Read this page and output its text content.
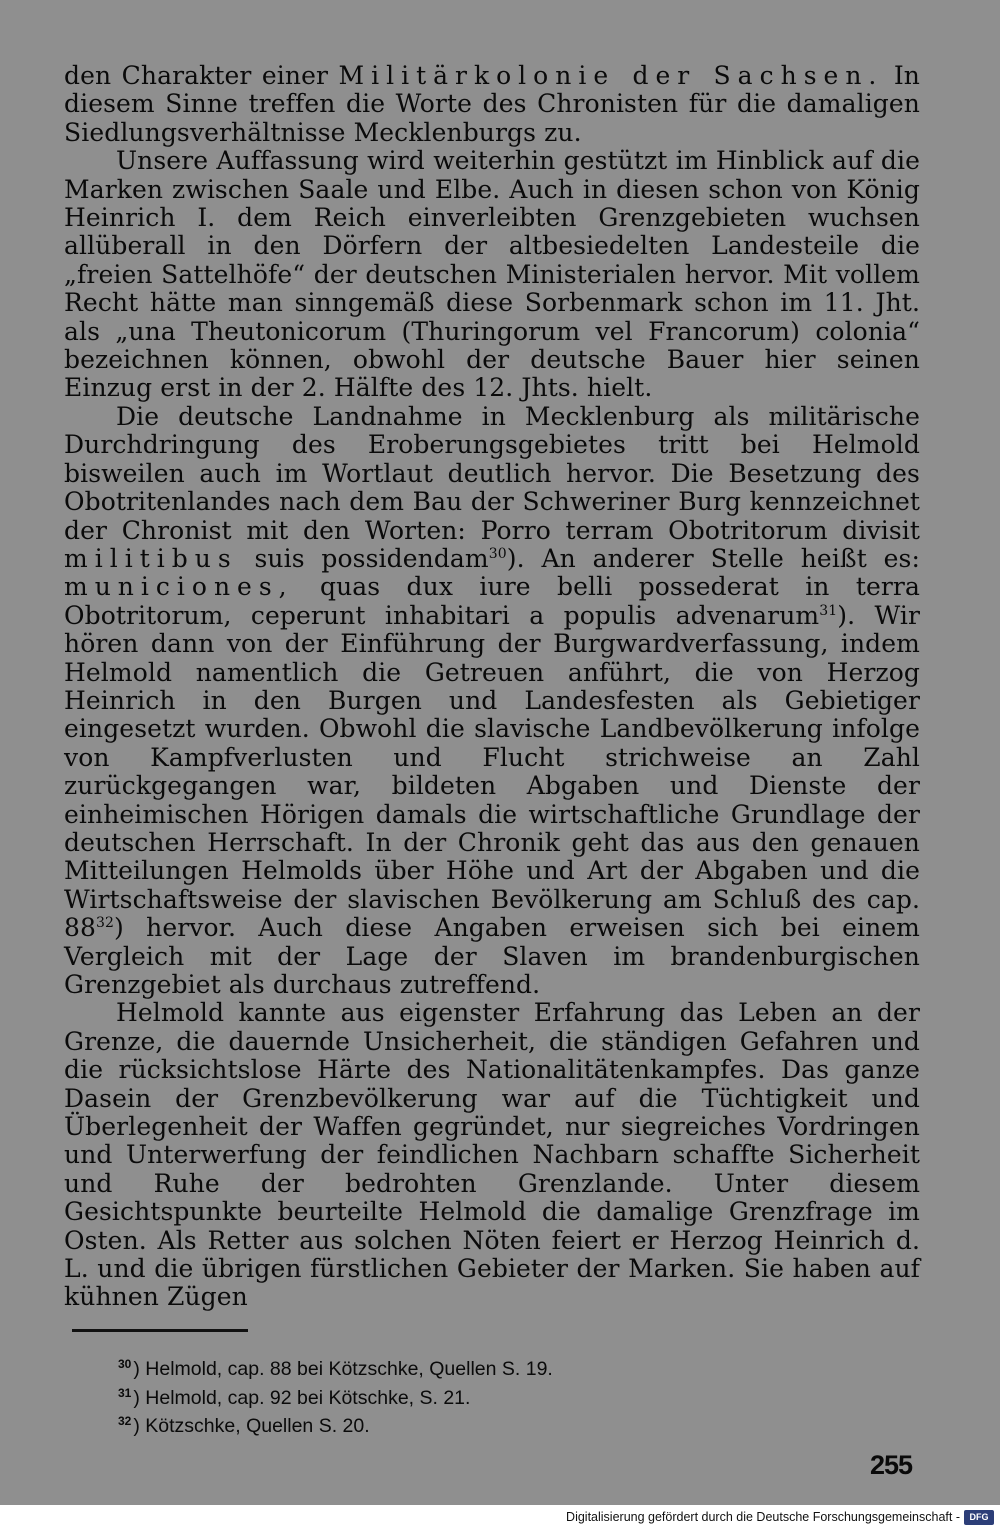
den Charakter einer Militärkolonie der Sachsen. In diesem Sinne treffen die Worte des Chronisten für die damaligen Siedlungsverhältnisse Mecklenburgs zu.

Unsere Auffassung wird weiterhin gestützt im Hinblick auf die Marken zwischen Saale und Elbe. Auch in diesen schon von König Heinrich I. dem Reich einverleibten Grenzgebieten wuchsen allüberall in den Dörfern der altbesiedelten Landesteile die „freien Sattelhöfe“ der deutschen Ministerialen hervor. Mit vollem Recht hätte man sinngemäß diese Sorbenmark schon im 11. Jht. als „una Theutonicorum (Thuringorum vel Francorum) colonia“ bezeichnen können, obwohl der deutsche Bauer hier seinen Einzug erst in der 2. Hälfte des 12. Jhts. hielt.

Die deutsche Landnahme in Mecklenburg als militärische Durchdringung des Eroberungsgebietes tritt bei Helmold bisweilen auch im Wortlaut deutlich hervor. Die Besetzung des Obotritenlandes nach dem Bau der Schweriner Burg kennzeichnet der Chronist mit den Worten: Porro terram Obotritorum divisit militibus suis possidendam$^{30}$). An anderer Stelle heißt es: municiones, quas dux iure belli possederat in terra Obotritorum, ceperunt inhabitari a populis advenarum$^{31}$). Wir hören dann von der Einführung der Burgwardverfassung, indem Helmold namentlich die Getreuen anführt, die von Herzog Heinrich in den Burgen und Landesfesten als Gebietiger eingesetzt wurden. Obwohl die slavische Landbevölkerung infolge von Kampfverlusten und Flucht strichweise an Zahl zurückgegangen war, bildeten Abgaben und Dienste der einheimischen Hörigen damals die wirtschaftliche Grundlage der deutschen Herrschaft. In der Chronik geht das aus den genauen Mitteilungen Helmolds über Höhe und Art der Abgaben und die Wirtschaftsweise der slavischen Bevölkerung am Schluß des cap. $88^{32}$) hervor. Auch diese Angaben erweisen sich bei einem Vergleich mit der Lage der Slaven im brandenburgischen Grenzgebiet als durchaus zutreffend.

Helmold kannte aus eigenster Erfahrung das Leben an der Grenze, die dauernde Unsicherheit, die ständigen Gefahren und die rücksichtslose Härte des Nationalitätenkampfes. Das ganze Dasein der Grenzbevölkerung war auf die Tüchtigkeit und Überlegenheit der Waffen gegründet, nur siegreiches Vordringen und Unterwerfung der feindlichen Nachbarn schaffte Sicherheit und Ruhe der bedrohten Grenzlande. Unter diesem Gesichtspunkte beurteilte Helmold die damalige Grenzfrage im Osten. Als Retter aus solchen Nöten feiert er Herzog Heinrich d. L. und die übrigen fürstlichen Gebieter der Marken. Sie haben auf kühnen Zügen

$^{30}$ ) Helmold, cap. 88 bei Kötzschke, Quellen S. 19.
$^{31}$ ) Helmold, cap. 92 bei Kötschke, S. 21.
$^{32}$ ) Kötzschke, Quellen S. 20.
255
Digitalisierung gefördert durch die Deutsche Forschungsgemeinschaft -	DFG
